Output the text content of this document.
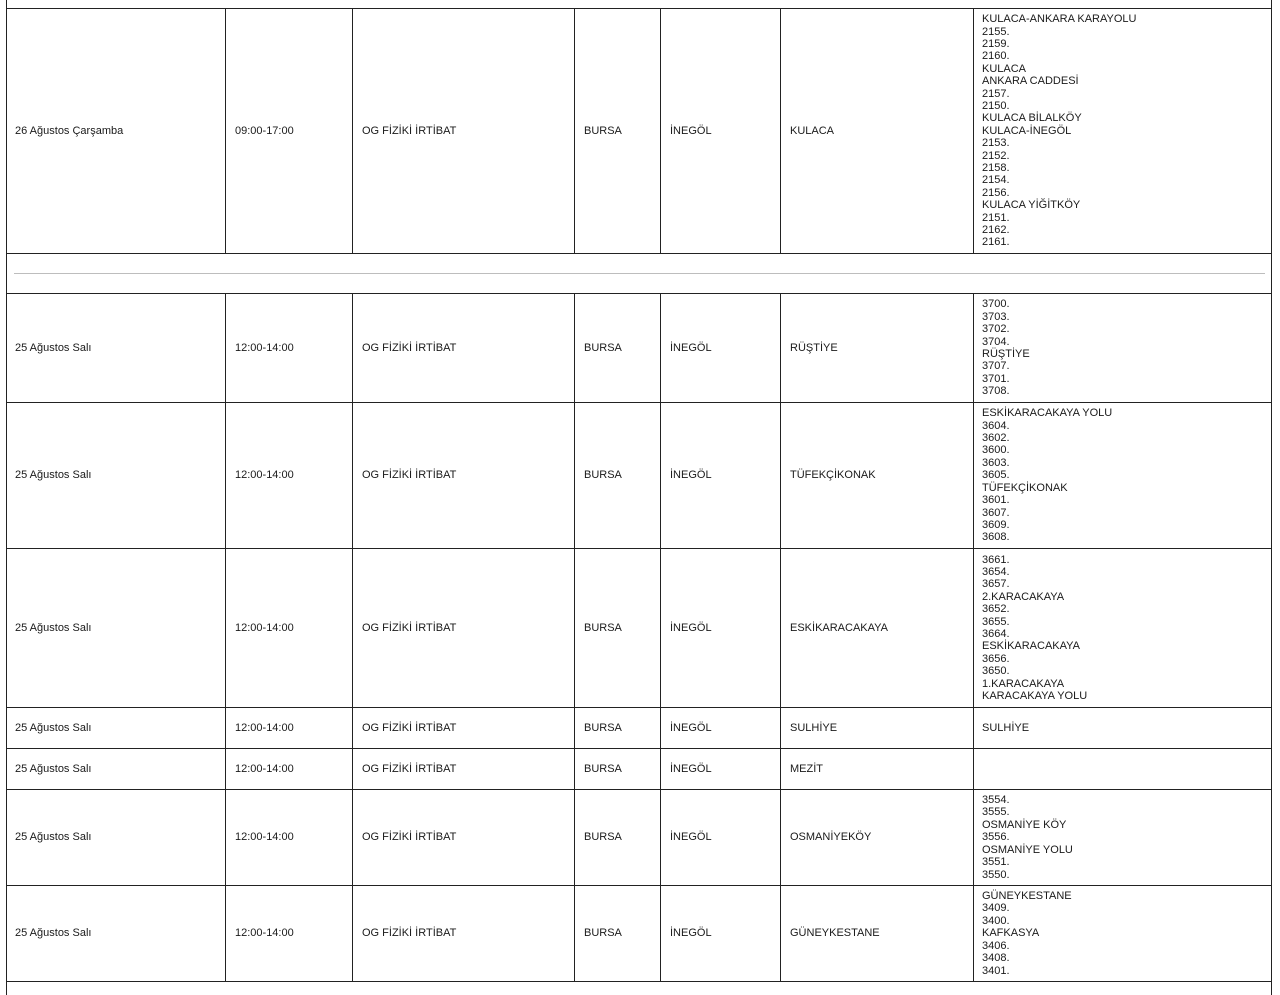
26 Ağustos Çarşamba	09:00-17:00	OG FİZİKİ İRTİBAT	BURSA	İNEGÖL	KULACA
KULACA-ANKARA KARAYOLU
2155.
2159.
2160.
KULACA
ANKARA CADDESİ
2157.
2150.
KULACA BİLALKÖY
KULACA-İNEGÖL
2153.
2152.
2158.
2154.
2156.
KULACA YİĞİTKÖY
2151.
2162.
2161.
25 Ağustos Salı	12:00-14:00	OG FİZİKİ İRTİBAT	BURSA	İNEGÖL	RÜŞTİYE
3700.
3703.
3702.
3704.
RÜŞTİYE
3707.
3701.
3708.
25 Ağustos Salı	12:00-14:00	OG FİZİKİ İRTİBAT	BURSA	İNEGÖL	TÜFEKÇİKONAK
ESKİKARACAKAYA YOLU
3604.
3602.
3600.
3603.
3605.
TÜFEKÇİKONAK
3601.
3607.
3609.
3608.
25 Ağustos Salı	12:00-14:00	OG FİZİKİ İRTİBAT	BURSA	İNEGÖL	ESKİKARACAKAYA
3661.
3654.
3657.
2.KARACAKAYA
3652.
3655.
3664.
ESKİKARACAKAYA
3656.
3650.
1.KARACAKAYA
KARACAKAYA YOLU
25 Ağustos Salı	12:00-14:00	OG FİZİKİ İRTİBAT	BURSA	İNEGÖL	SULHİYE	SULHİYE
25 Ağustos Salı	12:00-14:00	OG FİZİKİ İRTİBAT	BURSA	İNEGÖL	MEZİT
25 Ağustos Salı	12:00-14:00	OG FİZİKİ İRTİBAT	BURSA	İNEGÖL	OSMANİYEKÖY
3554.
3555.
OSMANİYE KÖY
3556.
OSMANİYE YOLU
3551.
3550.
25 Ağustos Salı	12:00-14:00	OG FİZİKİ İRTİBAT	BURSA	İNEGÖL	GÜNEYKESTANE
GÜNEYKESTANE
3409.
3400.
KAFKASYA
3406.
3408.
3401.
